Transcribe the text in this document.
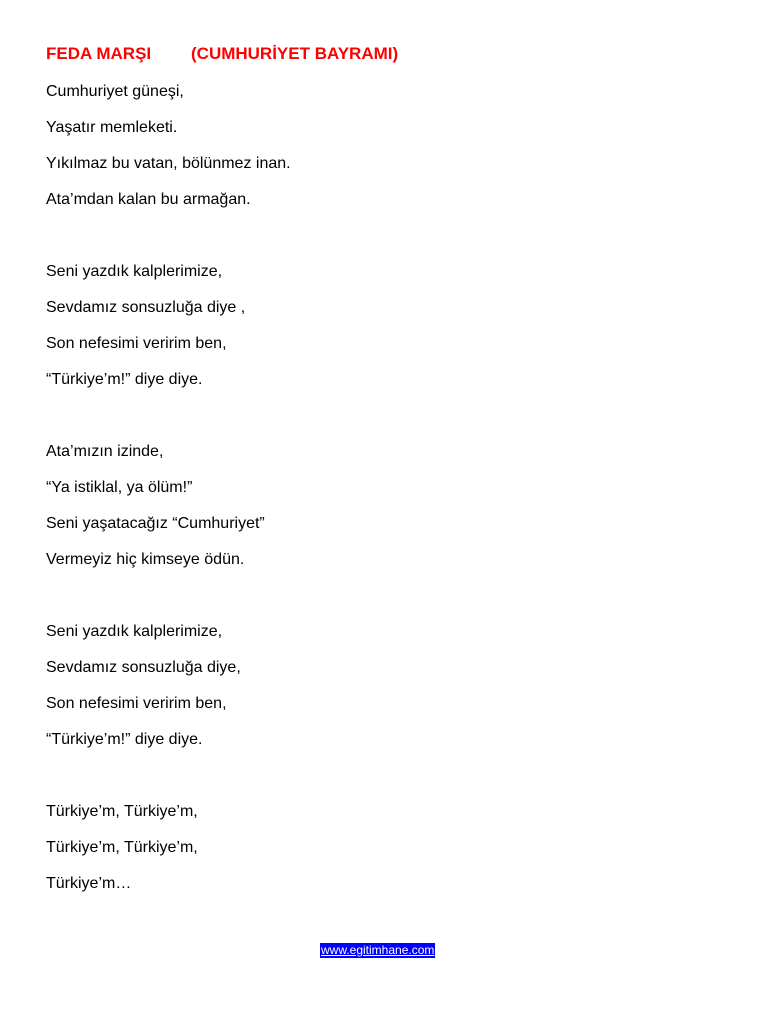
FEDA MARŞI (CUMHURİYET BAYRAMI)
Cumhuriyet güneşi,
Yaşatır memleketi.
Yıkılmaz bu vatan, bölünmez inan.
Ata’mdan kalan bu armağan.
Seni yazdık kalplerimize,
Sevdamız sonsuzluğa diye ,
Son nefesimi veririm ben,
“Türkiye’m!” diye diye.
Ata’mızın izinde,
“Ya istiklal, ya ölüm!”
Seni yaşatacağız “Cumhuriyet”
Vermeyiz hiç kimseye ödün.
Seni yazdık kalplerimize,
Sevdamız sonsuzluğa diye,
Son nefesimi veririm ben,
“Türkiye’m!” diye diye.
Türkiye’m, Türkiye’m,
Türkiye’m, Türkiye’m,
Türkiye’m…
www.egitimhane.com
